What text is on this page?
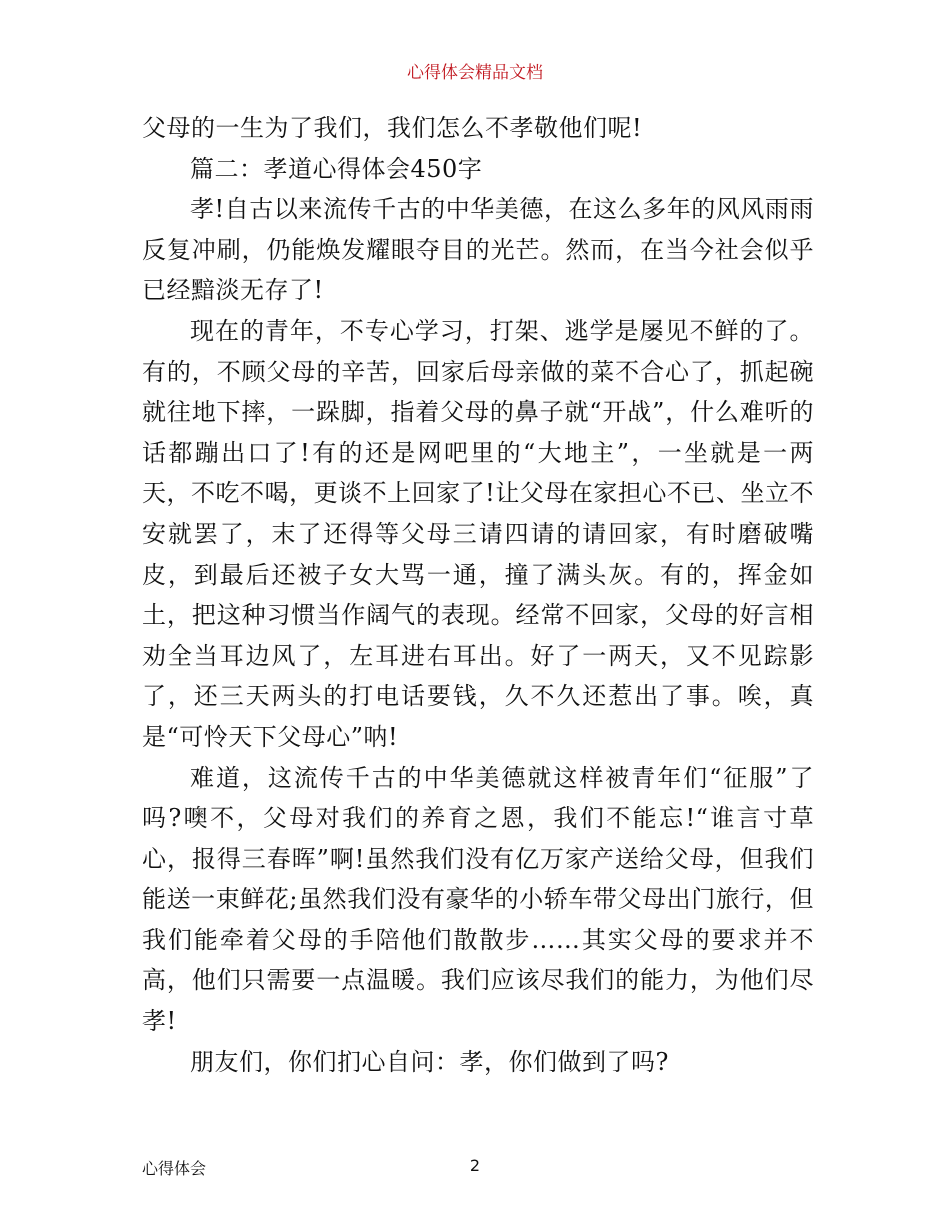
心得体会精品文档

父母的一生为了我们，我们怎么不孝敬他们呢!

篇二：孝道心得体会450字

孝!自古以来流传千古的中华美德，在这么多年的风风雨雨反复冲刷，仍能焕发耀眼夺目的光芒。然而，在当今社会似乎已经黯淡无存了!

现在的青年，不专心学习，打架、逃学是屡见不鲜的了。有的，不顾父母的辛苦，回家后母亲做的菜不合心了，抓起碗就往地下摔，一跺脚，指着父母的鼻子就“开战”，什么难听的话都蹦出口了!有的还是网吧里的“大地主”，一坐就是一两天，不吃不喝，更谈不上回家了!让父母在家担心不已、坐立不安就罢了，末了还得等父母三请四请的请回家，有时磨破嘴皮，到最后还被子女大骂一通，撞了满头灰。有的，挥金如土，把这种习惯当作阔气的表现。经常不回家，父母的好言相劝全当耳边风了，左耳进右耳出。好了一两天，又不见踪影了，还三天两头的打电话要钱，久不久还惹出了事。唉，真是“可怜天下父母心”呐!

难道，这流传千古的中华美德就这样被青年们“征服”了吗?噢不，父母对我们的养育之恩，我们不能忘!“谁言寸草心，报得三春晖”啊!虽然我们没有亿万家产送给父母，但我们能送一束鲜花;虽然我们没有豪华的小轿车带父母出门旅行，但我们能牵着父母的手陪他们散散步……其实父母的要求并不高，他们只需要一点温暖。我们应该尽我们的能力，为他们尽孝!

朋友们，你们扪心自问：孝，你们做到了吗?

心得体会	2
